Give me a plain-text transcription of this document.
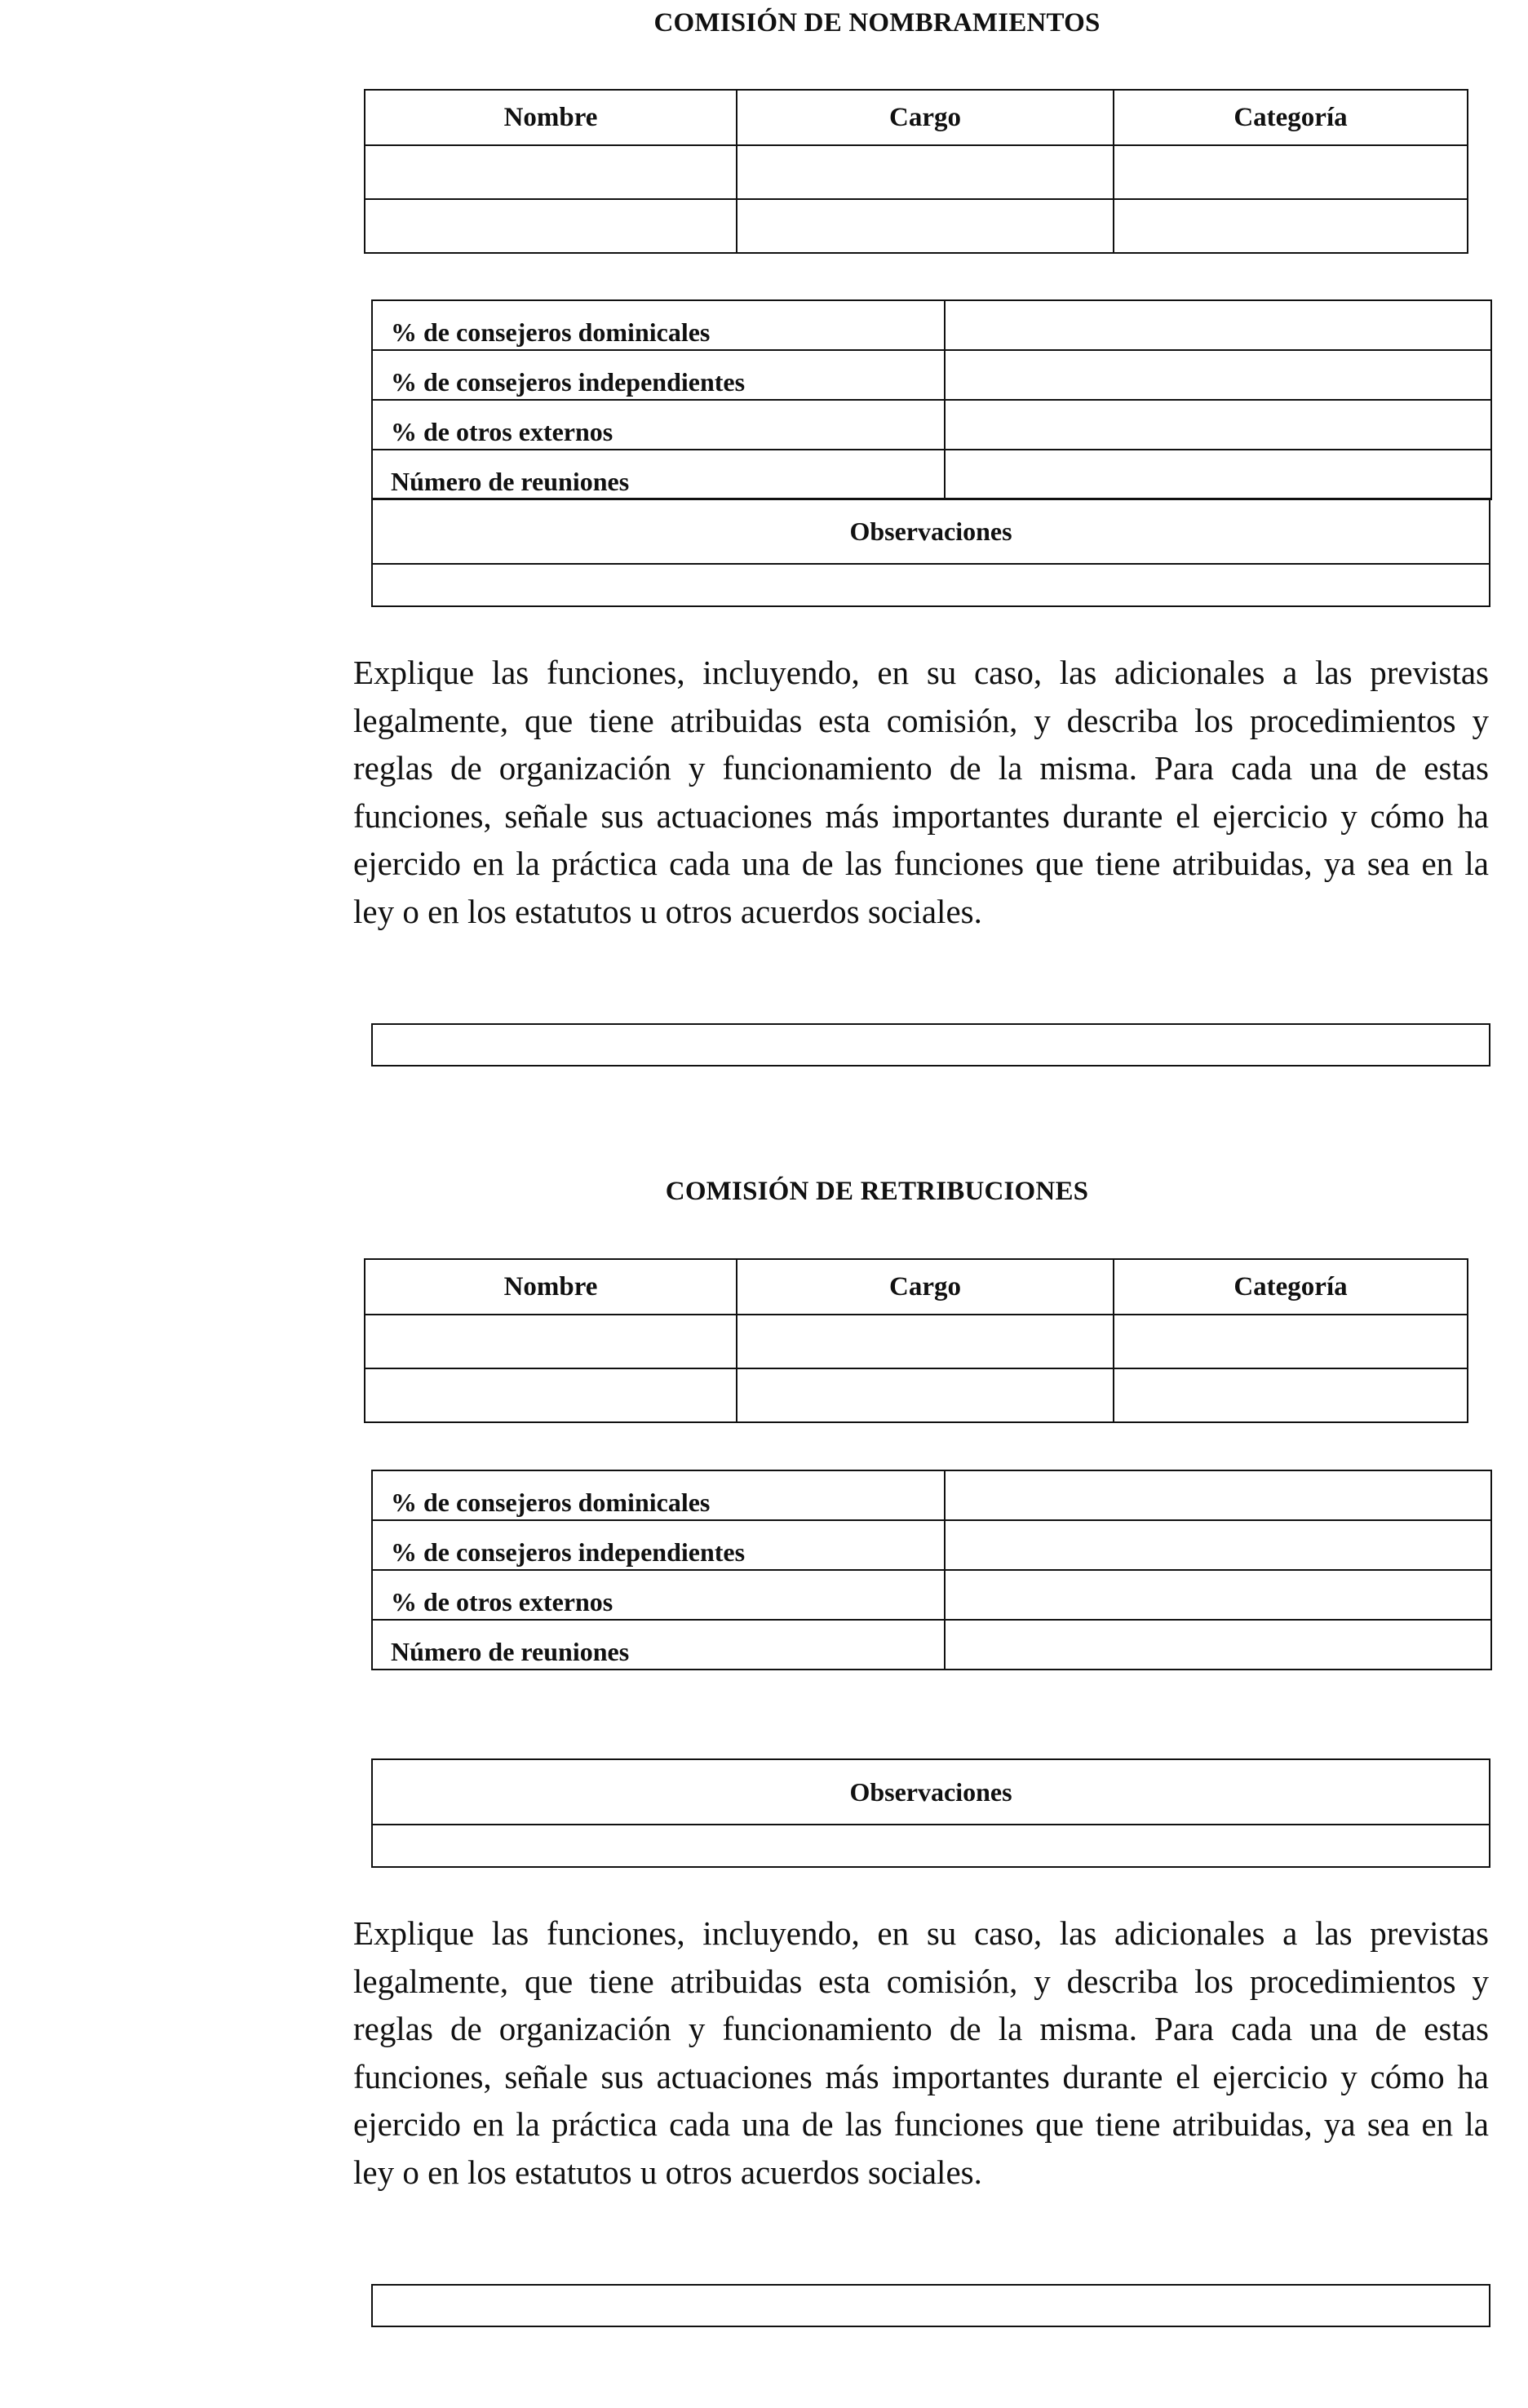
COMISIÓN DE NOMBRAMIENTOS
Nombre	Cargo	Categoría

% de consejeros dominicales	
% de consejeros independientes	
% de otros externos	
Número de reuniones	
Observaciones

Explique las funciones, incluyendo, en su caso, las adicionales a las previstas legalmente, que tiene atribuidas esta comisión, y describa los procedimientos y reglas de organización y funcionamiento de la misma. Para cada una de estas funciones, señale sus actuaciones más importantes durante el ejercicio y cómo ha ejercido en la práctica cada una de las funciones que tiene atribuidas, ya sea en la ley o en los estatutos u otros acuerdos sociales.
COMISIÓN DE RETRIBUCIONES
Nombre	Cargo	Categoría

% de consejeros dominicales	
% de consejeros independientes	
% de otros externos	
Número de reuniones	
Observaciones

Explique las funciones, incluyendo, en su caso, las adicionales a las previstas legalmente, que tiene atribuidas esta comisión, y describa los procedimientos y reglas de organización y funcionamiento de la misma. Para cada una de estas funciones, señale sus actuaciones más importantes durante el ejercicio y cómo ha ejercido en la práctica cada una de las funciones que tiene atribuidas, ya sea en la ley o en los estatutos u otros acuerdos sociales.
